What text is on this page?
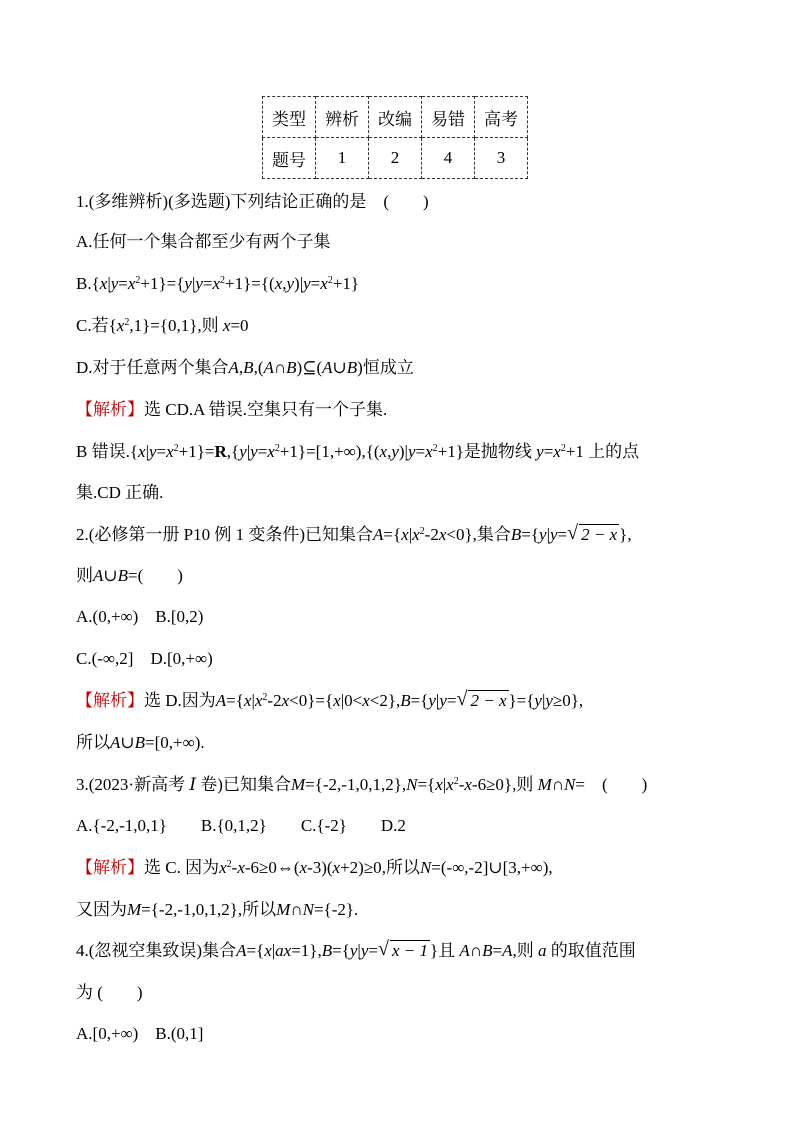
类型	辨析	改编	易错	高考
题号	1	2	4	3
1.(多维辨析)(多选题)下列结论正确的是　(　　)
A.任何一个集合都至少有两个子集
$B.\{x|y=x^2+1\}=\{y|y=x^2+1\}=\{(x,y)|y=x^2+1\}$
C.若$\{x^2,1\}=\{0,1\}$,则 x=0
D.对于任意两个集合A,B,(A∩B)⊆(A∪B)恒成立
【解析】选 CD.A 错误.空集只有一个子集.
B 错误$.\{x|y=x^2+1\}=R,\{y|y=x^2+1\}=[1,+\infty),\{(x,y)|y=x^2+1\}$是抛物线 $y=x^2+1$ 上的点
集.CD 正确.
2.(必修第一册 P10 例 1 变条件)已知集合$A=\{x|x^2-2x<0\}$,集合B={y|y= √ 2 − x },
则A∪B=(　　)
A.(0,+∞)　B.[0,2)
C.(-∞,2]　D.[0,+∞)
【解析】选 D.因为$A=\{x|x^2-2x<0\}=\{x|0<x<2\},B=\{y|y=$ √ 2 − x }={y|y≥0},
所以A∪B=[0,+∞).
3.(2023·新高考 Ⅰ 卷)已知集合$M=\{-2,-1,0,1,2\},N=\{x|x^2-x-6\ge 0\}$,则 M∩N=　(　　)
A.{-2,-1,0,1}　　B.{0,1,2}　　C.{-2}　　D.2
【解析】选 C. 因为$x^2-x-6\ge 0\Leftrightarrow(x-3)(x+2)\ge 0$,所以N=(-∞,-2]∪[3,+∞),
又因为M={-2,-1,0,1,2},所以M∩N={-2}.
4.(忽视空集致误)集合A={x|ax=1},B={y|y= √ x − 1 }且 A∩B=A,则 a 的取值范围
为 (　　)
A.[0,+∞)　B.(0,1]
